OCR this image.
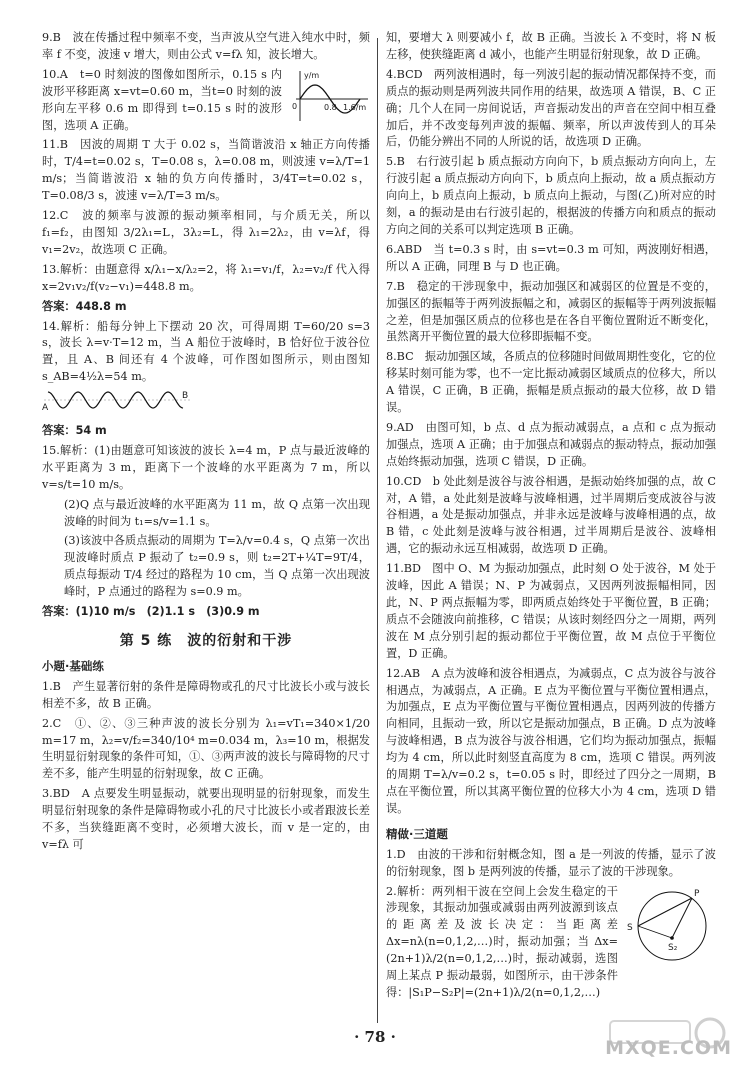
9.B　波在传播过程中频率不变，当声波从空气进入纯水中时，频率 f 不变，波速 v 增大，则由公式 v=fλ 知，波长增大。

y/m
0	0.8 1.6/m
10.A　t=0 时刻波的图像如图所示，0.15 s 内波形平移距离 x=vt=0.60 m，当t=0 时刻的波形向左平移 0.6 m 即得到 t=0.15 s 时的波形图，选项 A 正确。

11.B　因波的周期 T 大于 0.02 s，当简谐波沿 x 轴正方向传播时，T/4=t=0.02 s，T=0.08 s，λ=0.08 m，则波速 v=λ/T=1 m/s；当简谐波沿 x 轴的负方向传播时，3/4T=t=0.02 s，T=0.08/3 s，波速 v=λ/T=3 m/s。

12.C　波的频率与波源的振动频率相同，与介质无关，所以 f₁=f₂，由图知 3/2λ₁=L，3λ₂=L，得 λ₁=2λ₂，由 v=λf，得 v₁=2v₂，故选项 C 正确。

13.解析：由题意得 x/λ₁−x/λ₂=2，将 λ₁=v₁/f，λ₂=v₂/f 代入得 x=2v₁v₂/f(v₂−v₁)=448.8 m。

答案：448.8 m

14.解析：船每分钟上下摆动 20 次，可得周期 T=60/20 s=3 s，波长 λ=v·T=12 m，当 A 船位于波峰时，B 恰好位于波谷位置，且 A、B 间还有 4 个波峰，可作图如图所示，则由图知 s_AB=4½λ=54 m。
A
B

答案：54 m

15.解析：(1)由题意可知该波的波长 λ=4 m，P 点与最近波峰的水平距离为 3 m，距离下一个波峰的水平距离为 7 m，所以 v=s/t=10 m/s。

(2)Q 点与最近波峰的水平距离为 11 m，故 Q 点第一次出现波峰的时间为 t₁=s/v=1.1 s。

(3)该波中各质点振动的周期为 T=λ/v=0.4 s，Q 点第一次出现波峰时质点 P 振动了 t₂=0.9 s，则 t₂=2T+¼T=9T/4，质点每振动 T/4 经过的路程为 10 cm，当 Q 点第一次出现波峰时，P 点通过的路程为 s=0.9 m。

答案：(1)10 m/s　(2)1.1 s　(3)0.9 m

第 5 练　波的衍射和干涉
小题·基础练

1.B　产生显著衍射的条件是障碍物或孔的尺寸比波长小或与波长相差不多，故 B 正确。

2.C　①、②、③三种声波的波长分别为 λ₁=vT₁=340×1/20 m=17 m，λ₂=v/f₂=340/10⁴ m=0.034 m，λ₃=10 m，根据发生明显衍射现象的条件可知，①、③两声波的波长与障碍物的尺寸差不多，能产生明显的衍射现象，故 C 正确。

3.BD　A 点要发生明显振动，就要出现明显的衍射现象，而发生明显衍射现象的条件是障碍物或小孔的尺寸比波长小或者跟波长差不多，当狭缝距离不变时，必须增大波长，而 v 是一定的，由 v=fλ 可

知，要增大 λ 则要减小 f，故 B 正确。当波长 λ 不变时，将 N 板左移，使狭缝距离 d 减小，也能产生明显衍射现象，故 D 正确。

4.BCD　两列波相遇时，每一列波引起的振动情况都保持不变，而质点的振动则是两列波共同作用的结果，故选项 A 错误，B、C 正确；几个人在同一房间说话，声音振动发出的声音在空间中相互叠加后，并不改变每列声波的振幅、频率，所以声波传到人的耳朵后，仍能分辨出不同的人所说的话，故选项 D 正确。

5.B　右行波引起 b 质点振动方向向下，b 质点振动方向向上，左行波引起 a 质点振动方向向下，b 质点向上振动，故 a 质点振动方向向上，b 质点向上振动，b 质点向上振动，与图(乙)所对应的时刻，a 的振动是由右行波引起的，根据波的传播方向和质点的振动方向之间的关系可以判定选项 B 正确。

6.ABD　当 t=0.3 s 时，由 s=vt=0.3 m 可知，两波刚好相遇，所以 A 正确，同理 B 与 D 也正确。

7.B　稳定的干涉现象中，振动加强区和减弱区的位置是不变的，加强区的振幅等于两列波振幅之和，减弱区的振幅等于两列波振幅之差，但是加强区质点的位移也是在各自平衡位置附近不断变化，虽然离开平衡位置的最大位移即振幅不变。

8.BC　振动加强区域，各质点的位移随时间做周期性变化，它的位移某时刻可能为零，也不一定比振动减弱区域质点的位移大，所以 A 错误，C 正确，B 正确，振幅是质点振动的最大位移，故 D 错误。

9.AD　由图可知，b 点、d 点为振动减弱点，a 点和 c 点为振动加强点，选项 A 正确；由于加强点和减弱点的振动特点，振动加强点始终振动加强，选项 C 错误，D 正确。

10.CD　b 处此刻是波谷与波谷相遇，是振动始终加强的点，故 C 对，A 错，a 处此刻是波峰与波峰相遇，过半周期后变成波谷与波谷相遇，a 处是振动加强点，并非永远是波峰与波峰相遇的点，故 B 错，c 处此刻是波峰与波谷相遇，过半周期后是波谷、波峰相遇，它的振动永远互相减弱，故选项 D 正确。

11.BD　图中 O、M 为振动加强点，此时刻 O 处于波谷，M 处于波峰，因此 A 错误；N、P 为减弱点，又因两列波振幅相同，因此，N、P 两点振幅为零，即两质点始终处于平衡位置，B 正确；质点不会随波向前推移，C 错误；从该时刻经四分之一周期，两列波在 M 点分别引起的振动都位于平衡位置，故 M 点位于平衡位置，D 正确。

12.AB　A 点为波峰和波谷相遇点，为减弱点，C 点为波谷与波谷相遇点，为减弱点，A 正确。E 点为平衡位置与平衡位置相遇点，为加强点，E 点为平衡位置与平衡位置相遇点，因两列波的传播方向相同，且振动一致，所以它是振动加强点，B 正确。D 点为波峰与波峰相遇，B 点为波谷与波谷相遇，它们均为振动加强点，振幅均为 4 cm，所以此时刻竖直高度为 8 cm，选项 C 错误。两列波的周期 T=λ/v=0.2 s，t=0.05 s 时，即经过了四分之一周期，B 点在平衡位置，所以其离平衡位置的位移大小为 4 cm，选项 D 错误。

精做·三道题

1.D　由波的干涉和衍射概念知，图 a 是一列波的传播，显示了波的衍射现象，图 b 是两列波的传播，显示了波的干涉现象。

P
S
S₂
2.解析：两列相干波在空间上会发生稳定的干涉现象，其振动加强或减弱由两列波源到该点的距离差及波长决定：当距离差 Δx=nλ(n=0,1,2,…)时，振动加强；当 Δx=(2n+1)λ/2(n=0,1,2,…)时，振动减弱，选图周上某点 P 振动最弱，如图所示，由干涉条件得：|S₁P−S₂P|=(2n+1)λ/2(n=0,1,2,…)

· 78 ·	MXQE.COM
